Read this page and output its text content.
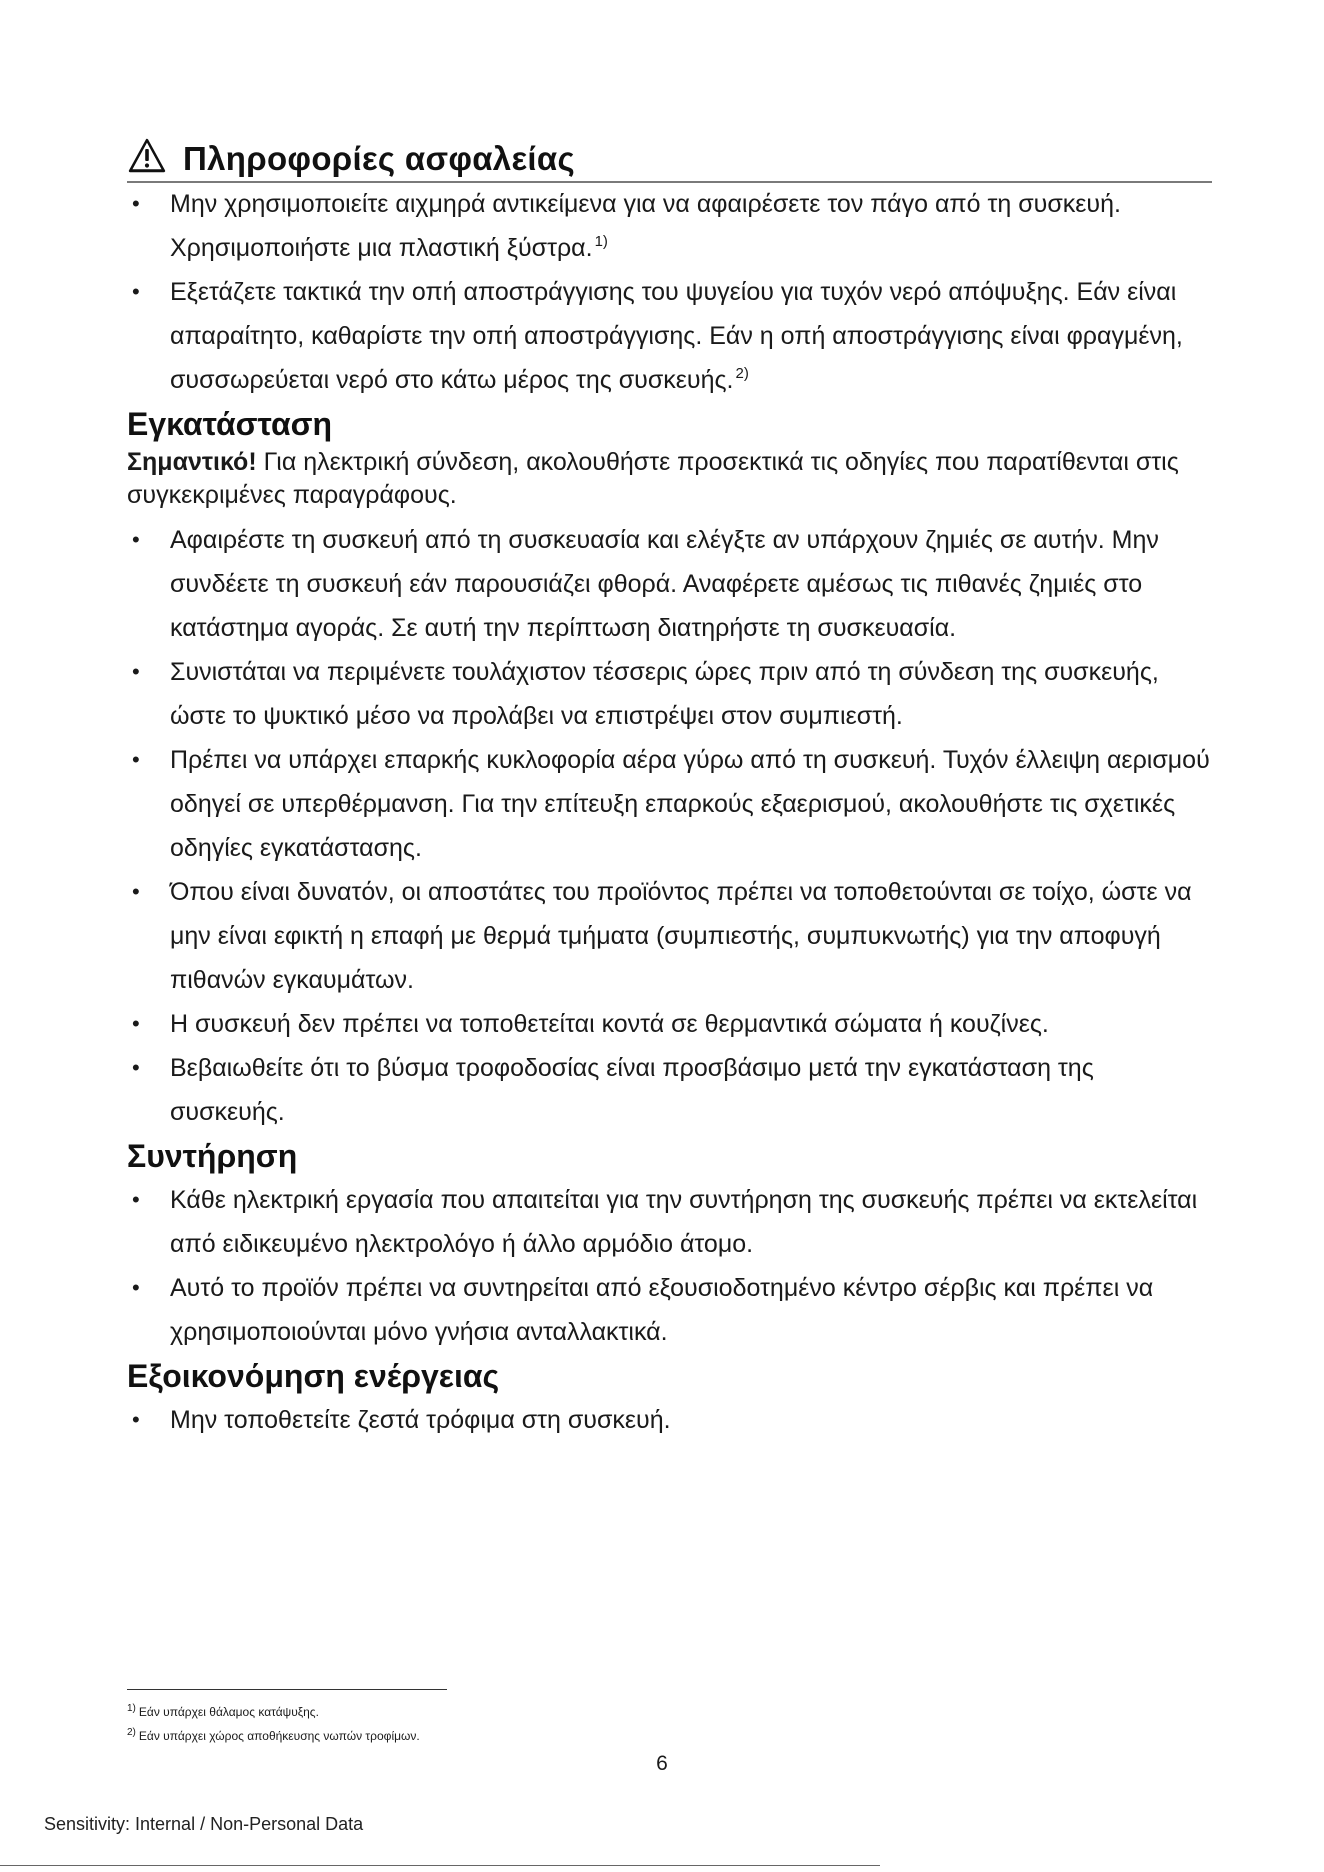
Πληροφορίες ασφαλείας
• Μην χρησιμοποιείτε αιχμηρά αντικείμενα για να αφαιρέσετε τον πάγο από τη συσκευή. Χρησιμοποιήστε μια πλαστική ξύστρα. $^{1)}$
• Εξετάζετε τακτικά την οπή αποστράγγισης του ψυγείου για τυχόν νερό απόψυξης. Εάν είναι απαραίτητο, καθαρίστε την οπή αποστράγγισης. Εάν η οπή αποστράγγισης είναι φραγμένη, συσσωρεύεται νερό στο κάτω μέρος της συσκευής. $^{2)}$
Εγκατάσταση

Σημαντικό! Για ηλεκτρική σύνδεση, ακολουθήστε προσεκτικά τις οδηγίες που παρατίθενται στις συγκεκριμένες παραγράφους.

• Αφαιρέστε τη συσκευή από τη συσκευασία και ελέγξτε αν υπάρχουν ζημιές σε αυτήν. Μην συνδέετε τη συσκευή εάν παρουσιάζει φθορά. Αναφέρετε αμέσως τις πιθανές ζημιές στο κατάστημα αγοράς. Σε αυτή την περίπτωση διατηρήστε τη συσκευασία.
• Συνιστάται να περιμένετε τουλάχιστον τέσσερις ώρες πριν από τη σύνδεση της συσκευής, ώστε το ψυκτικό μέσο να προλάβει να επιστρέψει στον συμπιεστή.
• Πρέπει να υπάρχει επαρκής κυκλοφορία αέρα γύρω από τη συσκευή. Τυχόν έλλειψη αερισμού οδηγεί σε υπερθέρμανση. Για την επίτευξη επαρκούς εξαερισμού, ακολουθήστε τις σχετικές οδηγίες εγκατάστασης.
• Όπου είναι δυνατόν, οι αποστάτες του προϊόντος πρέπει να τοποθετούνται σε τοίχο, ώστε να μην είναι εφικτή η επαφή με θερμά τμήματα (συμπιεστής, συμπυκνωτής) για την αποφυγή πιθανών εγκαυμάτων.
• Η συσκευή δεν πρέπει να τοποθετείται κοντά σε θερμαντικά σώματα ή κουζίνες.
• Βεβαιωθείτε ότι το βύσμα τροφοδοσίας είναι προσβάσιμο μετά την εγκατάσταση της συσκευής.
Συντήρηση
• Κάθε ηλεκτρική εργασία που απαιτείται για την συντήρηση της συσκευής πρέπει να εκτελείται από ειδικευμένο ηλεκτρολόγο ή άλλο αρμόδιο άτομο.
• Αυτό το προϊόν πρέπει να συντηρείται από εξουσιοδοτημένο κέντρο σέρβις και πρέπει να χρησιμοποιούνται μόνο γνήσια ανταλλακτικά.
Εξοικονόμηση ενέργειας
• Μην τοποθετείτε ζεστά τρόφιμα στη συσκευή.
$^{1)}$ Εάν υπάρχει θάλαμος κατάψυξης.
$^{2)}$ Εάν υπάρχει χώρος αποθήκευσης νωπών τροφίμων.
6
Sensitivity: Internal / Non-Personal Data
